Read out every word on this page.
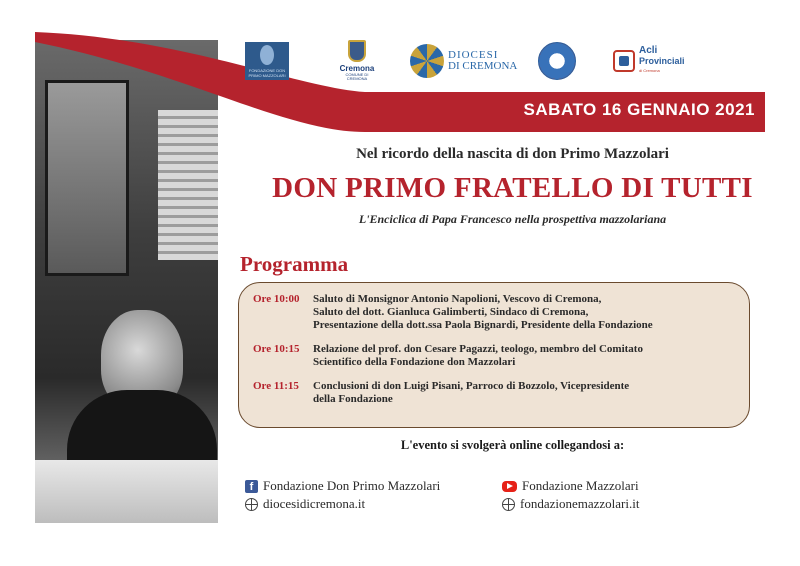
SABATO 16 GENNAIO 2021
FONDAZIONE DON PRIMO MAZZOLARI
Cremona
COMUNE DI CREMONA
DIOCESI
DI CREMONA
Acli
Provinciali
di Cremona
Nel ricordo della nascita di don Primo Mazzolari
DON PRIMO FRATELLO DI TUTTI
L'Enciclica di Papa Francesco nella prospettiva mazzolariana
Programma
Ore 10:00	Saluto di Monsignor Antonio Napolioni, Vescovo di Cremona,
Saluto del dott. Gianluca Galimberti, Sindaco di Cremona,
Presentazione della dott.ssa Paola Bignardi, Presidente della Fondazione
Ore 10:15	Relazione del prof. don Cesare Pagazzi, teologo, membro del Comitato
Scientifico della Fondazione don Mazzolari
Ore 11:15	Conclusioni di don Luigi Pisani, Parroco di Bozzolo, Vicepresidente
della Fondazione
L'evento si svolgerà online collegandosi a:
f Fondazione Don Primo Mazzolari
diocesidicremona.it
Fondazione Mazzolari
fondazionemazzolari.it
